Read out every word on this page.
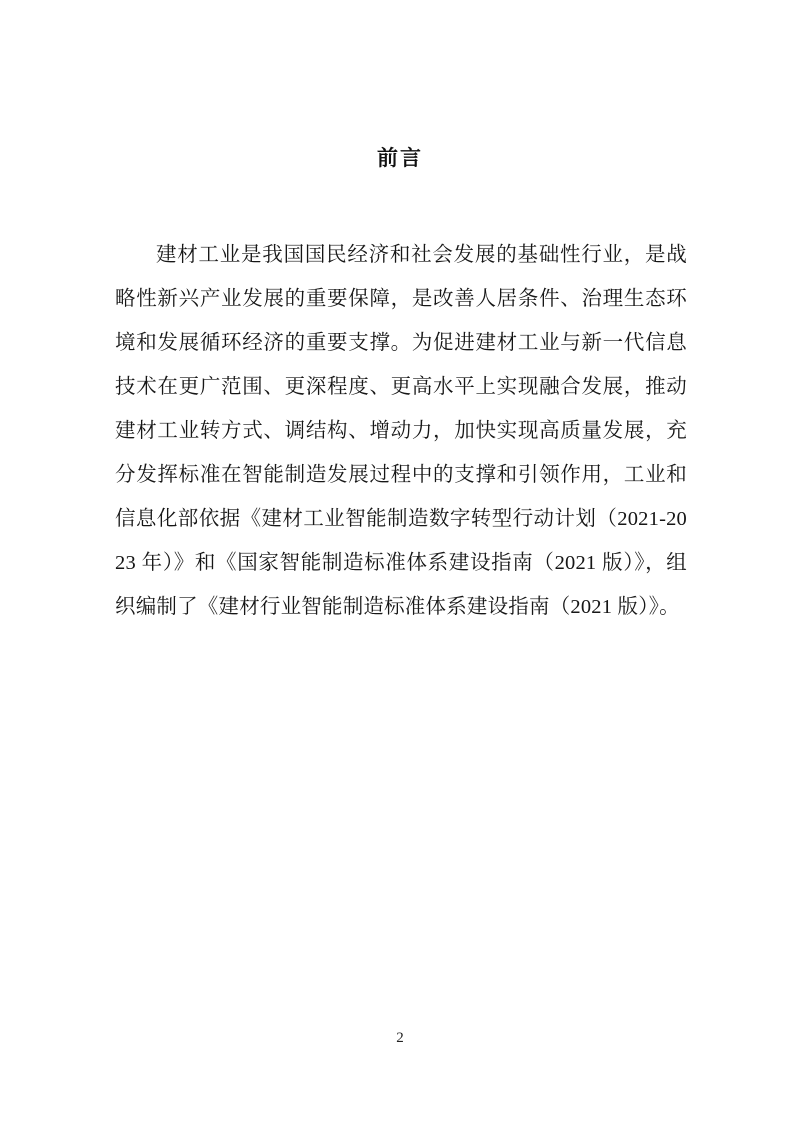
前言

建材工业是我国国民经济和社会发展的基础性行业，是战略性新兴产业发展的重要保障，是改善人居条件、治理生态环境和发展循环经济的重要支撑。为促进建材工业与新一代信息技术在更广范围、更深程度、更高水平上实现融合发展，推动建材工业转方式、调结构、增动力，加快实现高质量发展，充分发挥标准在智能制造发展过程中的支撑和引领作用，工业和信息化部依据《建材工业智能制造数字转型行动计划（2021-2023 年）》和《国家智能制造标准体系建设指南（2021 版）》，组织编制了《建材行业智能制造标准体系建设指南（2021 版）》。

2
